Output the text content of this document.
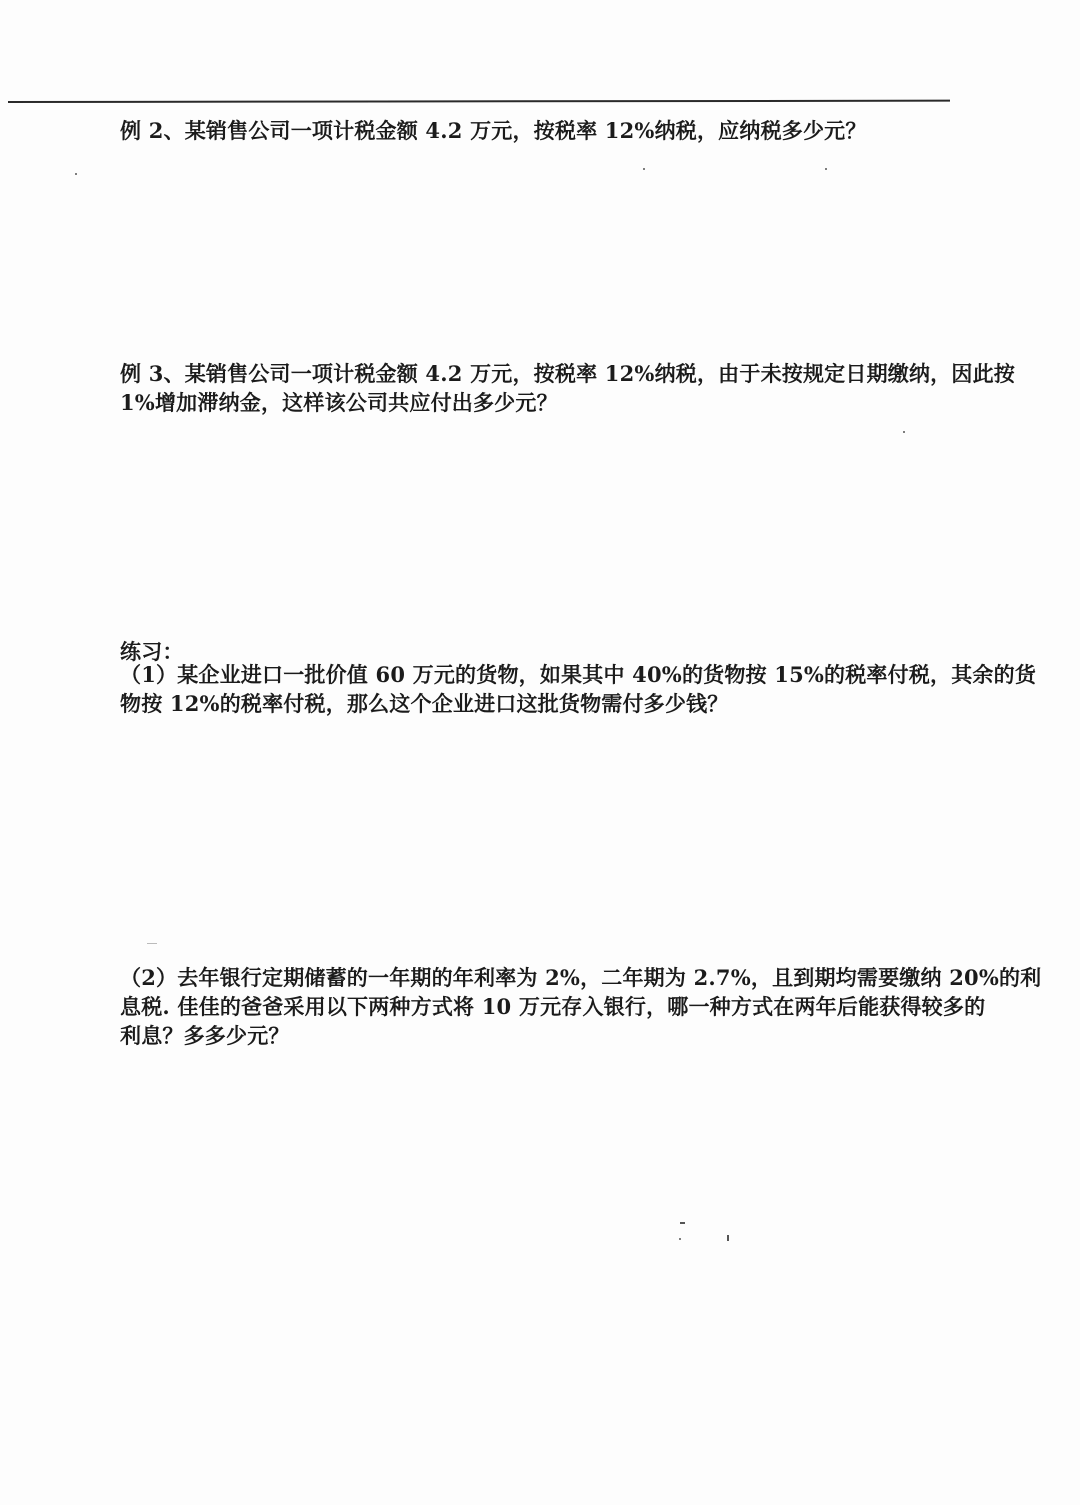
例 2、某销售公司一项计税金额 4.2 万元，按税率 12%纳税，应纳税多少元？
例 3、某销售公司一项计税金额 4.2 万元，按税率 12%纳税，由于未按规定日期缴纳，因此按
1%增加滞纳金，这样该公司共应付出多少元？
练习：
（1）某企业进口一批价值 60 万元的货物，如果其中 40%的货物按 15%的税率付税，其余的货
物按 12%的税率付税，那么这个企业进口这批货物需付多少钱？
（2）去年银行定期储蓄的一年期的年利率为 2%，二年期为 2.7%，且到期均需要缴纳 20%的利
息税. 佳佳的爸爸采用以下两种方式将 10 万元存入银行，哪一种方式在两年后能获得较多的
利息？多多少元？
